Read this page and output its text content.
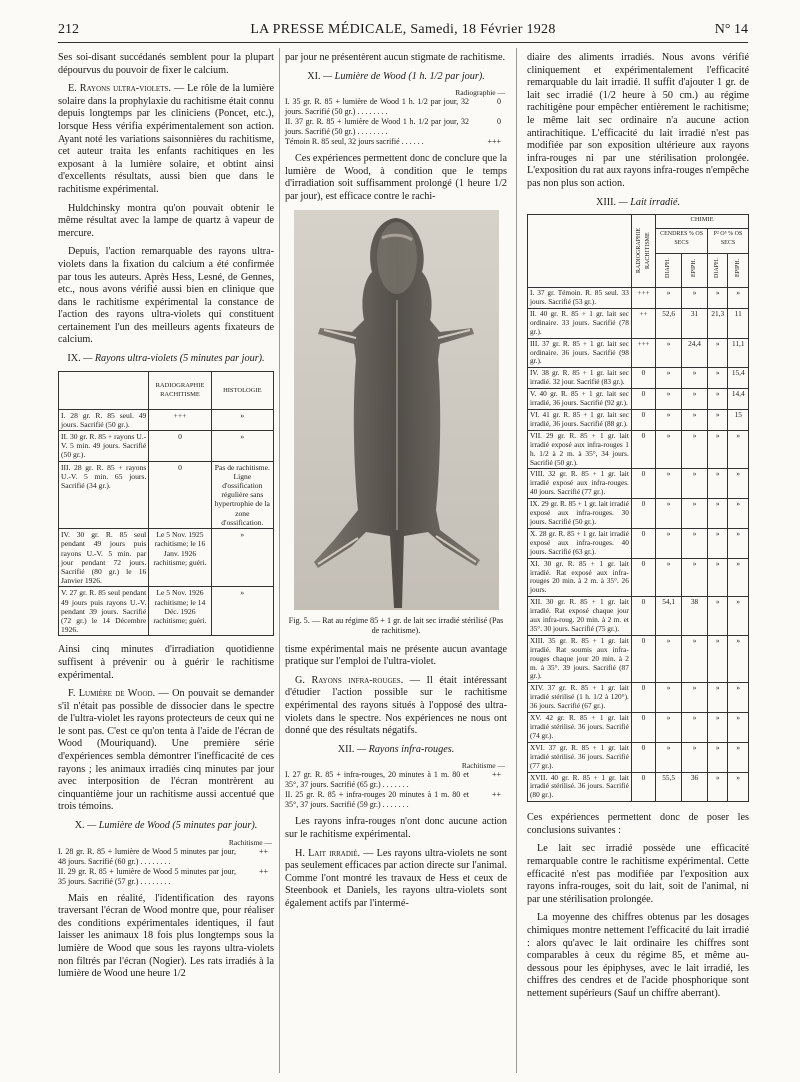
212	LA PRESSE MÉDICALE, Samedi, 18 Février 1928	N° 14

Ses soi-disant succédanés semblent pour la plupart dépourvus du pouvoir de fixer le calcium.

E. Rayons ultra-violets. — Le rôle de la lumière solaire dans la prophylaxie du rachitisme était connu depuis longtemps par les cliniciens (Poncet, etc.), lorsque Hess vérifia expérimentalement son action. Ayant noté les variations saisonnières du rachitisme, cet auteur traita les enfants rachitiques en les exposant à la lumière solaire, et obtint ainsi d'excellents résultats, aussi bien que dans le rachitisme expérimental.

Huldchinsky montra qu'on pouvait obtenir le même résultat avec la lampe de quartz à vapeur de mercure.

Depuis, l'action remarquable des rayons ultra-violets dans la fixation du calcium a été confirmée par tous les auteurs. Après Hess, Lesné, de Gennes, etc., nous avons vérifié aussi bien en clinique que dans le rachitisme expérimental la constance de l'action des rayons ultra-violets qui constituent certainement l'un des meilleurs agents fixateurs de calcium.

IX. — Rayons ultra-violets (5 minutes par jour).
	RADIOGRAPHIE RACHITISME	HISTOLOGIE
I. 28 gr. R. 85 seul. 49 jours. Sacrifié (50 gr.).	+++	»
II. 30 gr. R. 85 + rayons U.-V. 5 min. 49 jours. Sacrifié (50 gr.).	0	»
III. 28 gr. R. 85 + rayons U.-V. 5 min. 65 jours. Sacrifié (34 gr.).	0	Pas de rachitisme. Ligne d'ossification régulière sans hypertrophie de la zone d'ossification.
IV. 30 gr. R. 85 seul pendant 49 jours puis rayons U.-V. 5 min. par jour pendant 72 jours. Sacrifié (80 gr.) le 16 Janvier 1926.	Le 5 Nov. 1925 rachitisme; le 16 Janv. 1926 rachitisme; guéri.	»
V. 27 gr. R. 85 seul pendant 49 jours puis rayons U.-V. pendant 39 jours. Sacrifié (72 gr.) le 14 Décembre 1926.	Le 5 Nov. 1926 rachitisme; le 14 Déc. 1926 rachitisme; guéri.	»

Ainsi cinq minutes d'irradiation quotidienne suffisent à prévenir ou à guérir le rachitisme expérimental.

F. Lumière de Wood. — On pouvait se demander s'il n'était pas possible de dissocier dans le spectre de l'ultra-violet les rayons protecteurs de ceux qui ne le sont pas. C'est ce qu'on tenta à l'aide de l'écran de Wood (Mouriquand). Une première série d'expériences sembla démontrer l'inefficacité de ces rayons ; les animaux irradiés cinq minutes par jour avec interposition de l'écran montrèrent au cinquantième jour un rachitisme aussi accentué que trois témoins.

X. — Lumière de Wood (5 minutes par jour).
Rachitisme —
I. 28 gr. R. 85 + lumière de Wood 5 minutes par jour, 48 jours. Sacrifié (60 gr.) . . . . . . . .
++
II. 29 gr. R. 85 + lumière de Wood 5 minutes par jour, 35 jours. Sacrifié (57 gr.) . . . . . . . .
++

Mais en réalité, l'identification des rayons traversant l'écran de Wood montre que, pour réaliser des conditions expérimentales identiques, il faut laisser les animaux 18 fois plus longtemps sous la lumière de Wood que sous les rayons ultra-violets non filtrés par l'écran (Nogier). Les rats irradiés à la lumière de Wood une heure 1/2

par jour ne présentèrent aucun stigmate de rachitisme.

XI. — Lumière de Wood (1 h. 1/2 par jour).
Radiographie —
I. 35 gr. R. 85 + lumière de Wood 1 h. 1/2 par jour, 32 jours. Sacrifié (50 gr.) . . . . . . . .
0
II. 37 gr. R. 85 + lumière de Wood 1 h. 1/2 par jour, 32 jours. Sacrifié (50 gr.) . . . . . . . .
0
Témoin R. 85 seul, 32 jours sacrifié . . . . . .	+++

Ces expériences permettent donc de conclure que la lumière de Wood, à condition que le temps d'irradiation soit suffisamment prolongé (1 heure 1/2 par jour), est efficace contre le rachi-

Fig. 5. — Rat au régime 85 + 1 gr. de lait sec irradié stérilisé (Pas de rachitisme).

tisme expérimental mais ne présente aucun avantage pratique sur l'emploi de l'ultra-violet.

G. Rayons infra-rouges. — Il était intéressant d'étudier l'action possible sur le rachitisme expérimental des rayons situés à l'opposé des ultra-violets dans le spectre. Nos expériences ne nous ont donné que des résultats négatifs.

XII. — Rayons infra-rouges.
Rachitisme —
I. 27 gr. R. 85 + infra-rouges, 20 minutes à 1 m. 80 et 35°, 37 jours. Sacrifié (65 gr.) . . . . . . .
++
II. 25 gr. R. 85 + infra-rouges 20 minutes à 1 m. 80 et 35°, 37 jours. Sacrifié (59 gr.) . . . . . . .
++

Les rayons infra-rouges n'ont donc aucune action sur le rachitisme expérimental.

H. Lait irradié. — Les rayons ultra-violets ne sont pas seulement efficaces par action directe sur l'animal. Comme l'ont montré les travaux de Hess et ceux de Steenbook et Daniels, les rayons ultra-violets sont également actifs par l'intermé-

diaire des aliments irradiés. Nous avons vérifié cliniquement et expérimentalement l'efficacité remarquable du lait irradié. Il suffit d'ajouter 1 gr. de lait sec irradié (1/2 heure à 50 cm.) au régime rachitigène pour empêcher entièrement le rachitisme; le même lait sec ordinaire n'a aucune action antirachitique. L'efficacité du lait irradié n'est pas modifiée par son exposition ultérieure aux rayons infra-rouges ni par une stérilisation prolongée. L'exposition du rat aux rayons infra-rouges n'empêche pas non plus son action.

XIII. — Lait irradié.

	RADIOGRAPHIE RACHITISME	CHIMIE			
		CENDRES % OS SECS		P² O⁵ % OS SECS	

		DIAPH.	EPIPH.	DIAPH.	EPIPH.

I. 37 gr. Témoin. R. 85 seul. 33 jours. Sacrifié (53 gr.).	+++	»	»	»	»
II. 40 gr. R. 85 + 1 gr. lait sec ordinaire. 33 jours. Sacrifié (78 gr.).	++	52,6	31	21,3	11
III. 37 gr. R. 85 + 1 gr. lait sec ordinaire. 36 jours. Sacrifié (98 gr.).	+++	»	24,4	»	11,1
IV. 38 gr. R. 85 + 1 gr. lait sec irradié. 32 jour. Sacrifié (83 gr.).	0	»	»	»	15,4
V. 40 gr. R. 85 + 1 gr. lait sec irradié, 36 jours. Sacrifié (92 gr.).	0	»	»	»	14,4
VI. 41 gr. R. 85 + 1 gr. lait sec irradié, 36 jours. Sacrifié (88 gr.).	0	»	»	»	15
VII. 29 gr. R. 85 + 1 gr. lait irradié exposé aux infra-rouges 1 h. 1/2 à 2 m. à 35°, 34 jours. Sacrifié (50 gr.).	0	»	»	»	»
VIII. 32 gr. R. 85 + 1 gr. lait irradié exposé aux infra-rouges. 40 jours. Sacrifié (77 gr.).	0	»	»	»	»
IX. 29 gr. R. 85 + 1 gr. lait irradié exposé aux infra-rouges. 30 jours. Sacrifié (50 gr.).	0	»	»	»	»
X. 28 gr. R. 85 + 1 gr. lait irradié exposé aux infra-rouges. 40 jours. Sacrifié (63 gr.).	0	»	»	»	»
XI. 30 gr. R. 85 + 1 gr. lait irradié. Rat exposé aux infra-rouges 20 min. à 2 m. à 35°. 26 jours.	0	»	»	»	»
XII. 30 gr. R. 85 + 1 gr. lait irradié. Rat exposé chaque jour aux infra-roug. 20 min. à 2 m. et 35°. 30 jours. Sacrifié (75 gr.).	0	54,1	38	»	»
XIII. 35 gr. R. 85 + 1 gr. lait irradié. Rat soumis aux infra-rouges chaque jour 20 min. à 2 m. à 35°. 39 jours. Sacrifié (87 gr.).	0	»	»	»	»
XIV. 37 gr. R. 85 + 1 gr. lait irradié stérilisé (1 h. 1/2 à 120°). 36 jours. Sacrifié (67 gr.).	0	»	»	»	»
XV. 42 gr. R. 85 + 1 gr. lait irradié stérilisé. 36 jours. Sacrifié (74 gr.).	0	»	»	»	»
XVI. 37 gr. R. 85 + 1 gr. lait irradié stérilisé. 36 jours. Sacrifié (77 gr.).	0	»	»	»	»
XVII. 40 gr. R. 85 + 1 gr. lait irradié stérilisé. 36 jours. Sacrifié (80 gr.).	0	55,5	36	»	»

Ces expériences permettent donc de poser les conclusions suivantes :

Le lait sec irradié possède une efficacité remarquable contre le rachitisme expérimental. Cette efficacité n'est pas modifiée par l'exposition aux rayons infra-rouges, soit du lait, soit de l'animal, ni par une stérilisation prolongée.

La moyenne des chiffres obtenus par les dosages chimiques montre nettement l'efficacité du lait irradié : alors qu'avec le lait ordinaire les chiffres sont comparables à ceux du régime 85, et même au-dessous pour les épiphyses, avec le lait irradié, les chiffres des cendres et de l'acide phosphorique sont nettement supérieurs (Sauf un chiffre aberrant).
